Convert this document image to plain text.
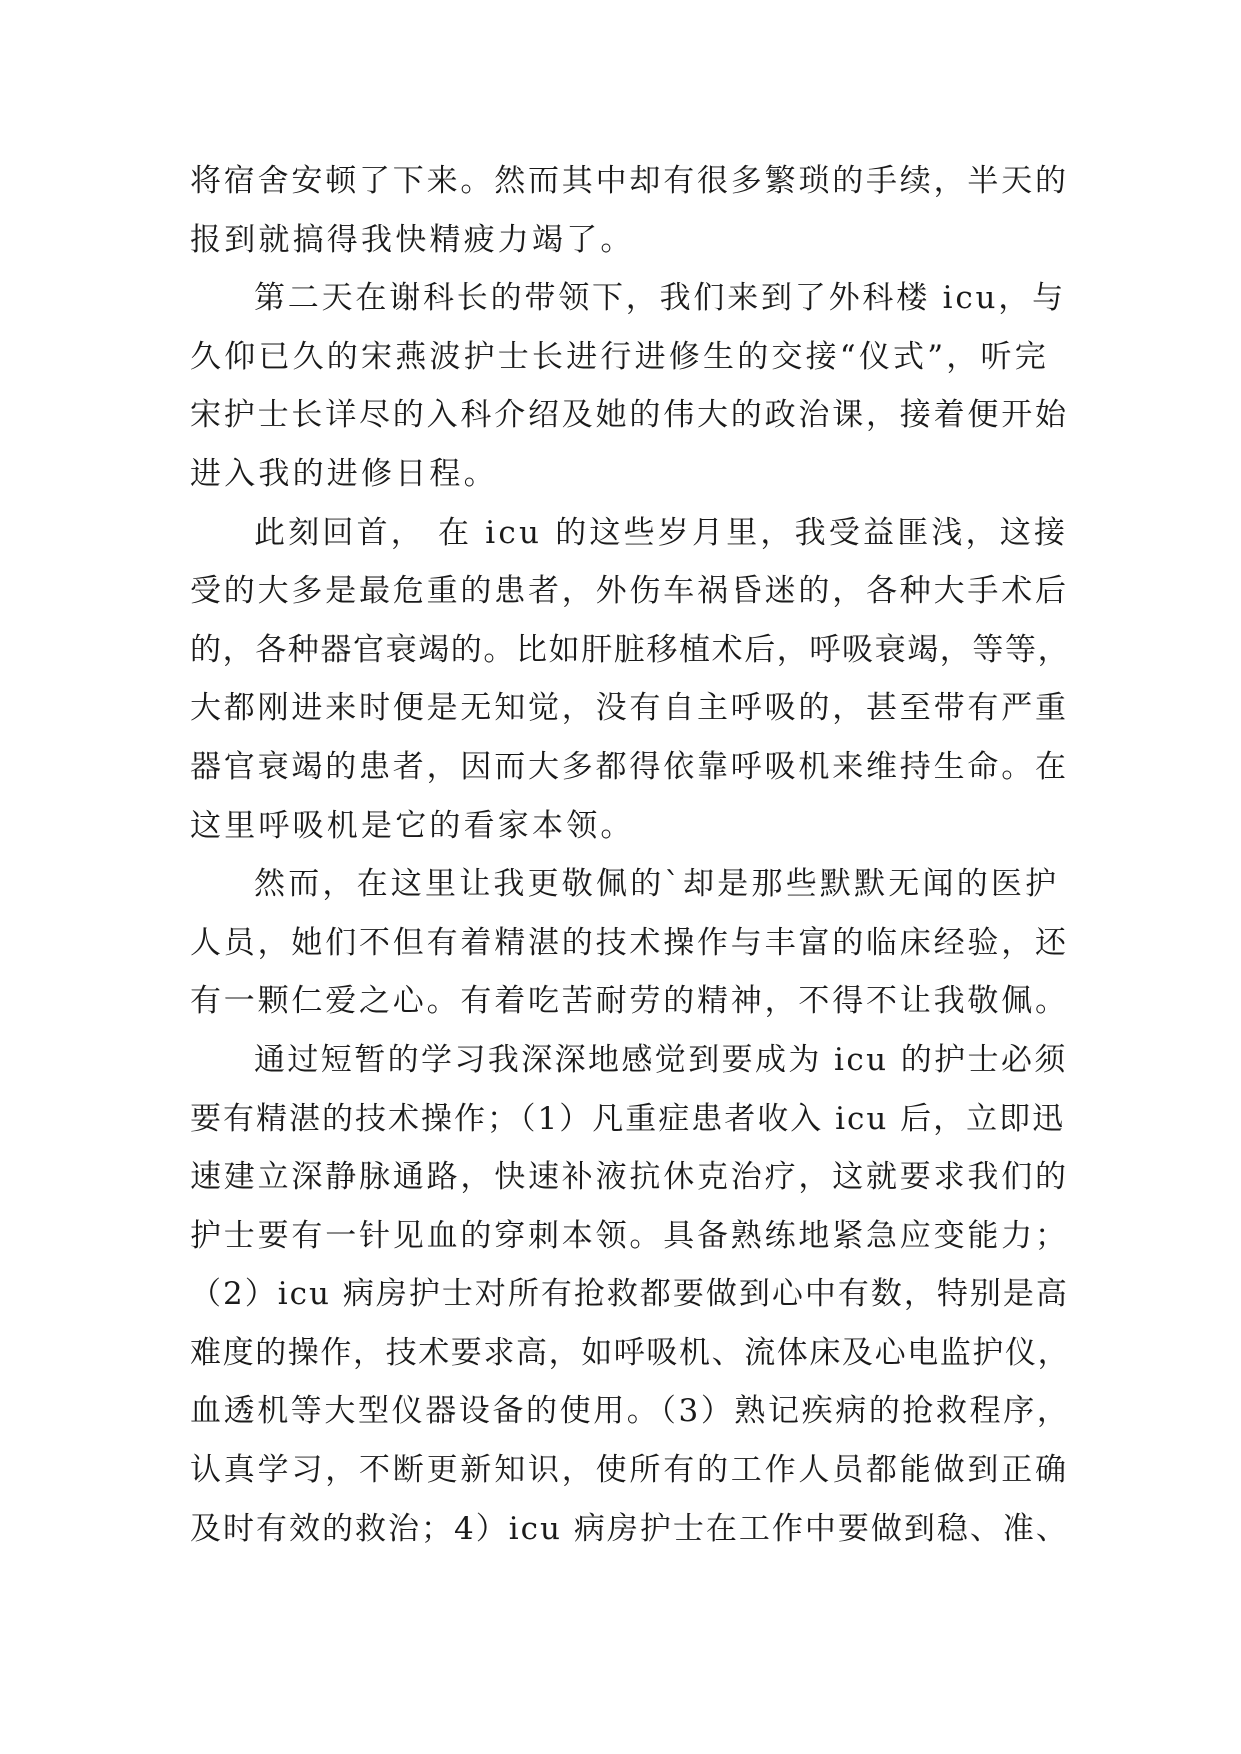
将宿舍安顿了下来。然而其中却有很多繁琐的手续，半天的
报到就搞得我快精疲力竭了。
第二天在谢科长的带领下，我们来到了外科楼 icu，与
久仰已久的宋燕波护士长进行进修生的交接“仪式”，听完
宋护士长详尽的入科介绍及她的伟大的政治课，接着便开始
进入我的进修日程。
此刻回首， 在 icu 的这些岁月里，我受益匪浅，这接
受的大多是最危重的患者，外伤车祸昏迷的，各种大手术后
的，各种器官衰竭的。比如肝脏移植术后，呼吸衰竭，等等，
大都刚进来时便是无知觉，没有自主呼吸的，甚至带有严重
器官衰竭的患者，因而大多都得依靠呼吸机来维持生命。在
这里呼吸机是它的看家本领。
然而，在这里让我更敬佩的`却是那些默默无闻的医护
人员，她们不但有着精湛的技术操作与丰富的临床经验，还
有一颗仁爱之心。有着吃苦耐劳的精神，不得不让我敬佩。
通过短暂的学习我深深地感觉到要成为 icu 的护士必须
要有精湛的技术操作；（1）凡重症患者收入 icu 后，立即迅
速建立深静脉通路，快速补液抗休克治疗，这就要求我们的
护士要有一针见血的穿刺本领。具备熟练地紧急应变能力；
（2）icu 病房护士对所有抢救都要做到心中有数，特别是高
难度的操作，技术要求高，如呼吸机、流体床及心电监护仪，
血透机等大型仪器设备的使用。（3）熟记疾病的抢救程序，
认真学习，不断更新知识，使所有的工作人员都能做到正确
及时有效的救治；4）icu 病房护士在工作中要做到稳、准、
